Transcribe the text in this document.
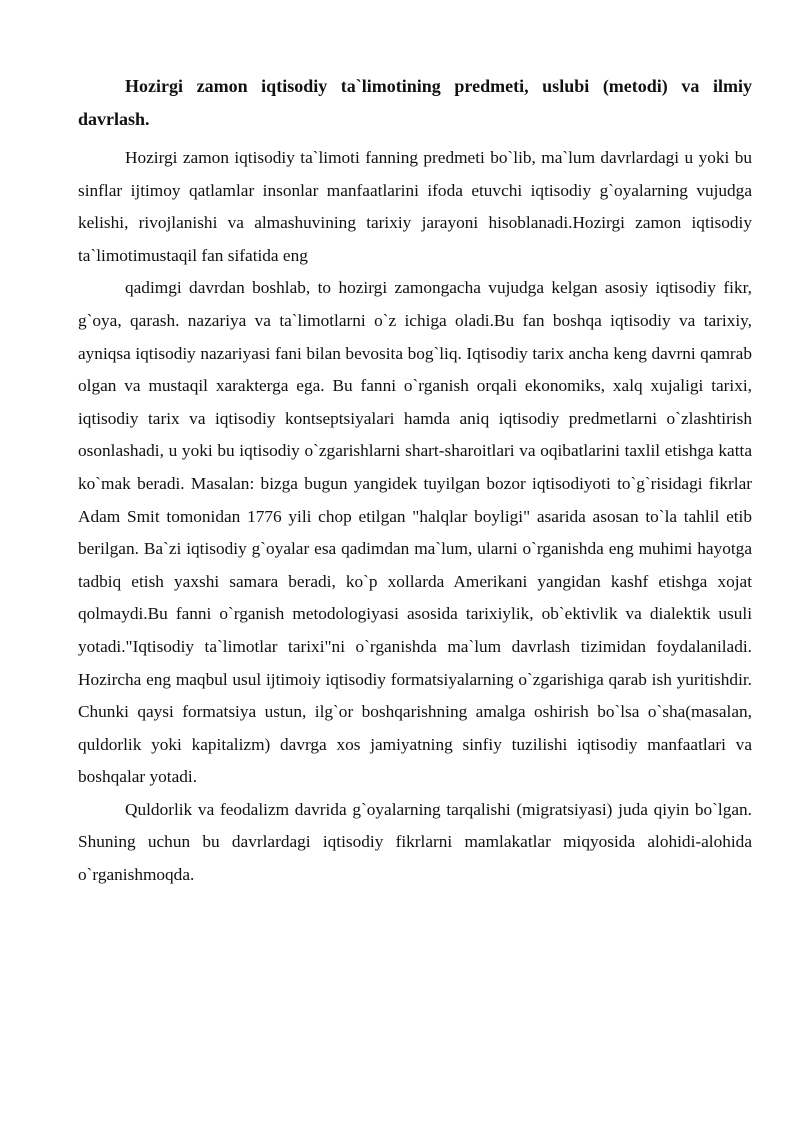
Hozirgi zamon iqtisodiy ta`limotining predmeti, uslubi (metodi) va ilmiy davrlash.

Hozirgi zamon iqtisodiy ta`limoti fanning predmeti bo`lib, ma`lum davrlardagi u yoki bu sinflar ijtimoy qatlamlar insonlar manfaatlarini ifoda etuvchi iqtisodiy g`oyalarning vujudga kelishi, rivojlanishi va almashuvining tarixiy jarayoni hisoblanadi.Hozirgi zamon iqtisodiy ta`limotimustaqil fan sifatida eng

qadimgi davrdan boshlab, to hozirgi zamongacha vujudga kelgan asosiy iqtisodiy fikr, g`oya, qarash. nazariya va ta`limotlarni o`z ichiga oladi.Bu fan boshqa iqtisodiy va tarixiy, ayniqsa iqtisodiy nazariyasi fani bilan bevosita bog`liq. Iqtisodiy tarix ancha keng davrni qamrab olgan va mustaqil xarakterga ega. Bu fanni o`rganish orqali ekonomiks, xalq xujaligi tarixi, iqtisodiy tarix va iqtisodiy kontseptsiyalari hamda aniq iqtisodiy predmetlarni o`zlashtirish osonlashadi, u yoki bu iqtisodiy o`zgarishlarni shart-sharoitlari va oqibatlarini taxlil etishga katta ko`mak beradi. Masalan: bizga bugun yangidek tuyilgan bozor iqtisodiyoti to`g`risidagi fikrlar Adam Smit tomonidan 1776 yili chop etilgan "halqlar boyligi" asarida asosan to`la tahlil etib berilgan. Ba`zi iqtisodiy g`oyalar esa qadimdan ma`lum, ularni o`rganishda eng muhimi hayotga tadbiq etish yaxshi samara beradi, ko`p xollarda Amerikani yangidan kashf etishga xojat qolmaydi.Bu fanni o`rganish metodologiyasi asosida tarixiylik, ob`ektivlik va dialektik usuli yotadi."Iqtisodiy ta`limotlar tarixi"ni o`rganishda ma`lum davrlash tizimidan foydalaniladi. Hozircha eng maqbul usul ijtimoiy iqtisodiy formatsiyalarning o`zgarishiga qarab ish yuritishdir. Chunki qaysi formatsiya ustun, ilg`or boshqarishning amalga oshirish bo`lsa o`sha(masalan, quldorlik yoki kapitalizm) davrga xos jamiyatning sinfiy tuzilishi iqtisodiy manfaatlari va boshqalar yotadi.

Quldorlik va feodalizm davrida g`oyalarning tarqalishi (migratsiyasi) juda qiyin bo`lgan. Shuning uchun bu davrlardagi iqtisodiy fikrlarni mamlakatlar miqyosida alohidi-alohida o`rganishmoqda.
